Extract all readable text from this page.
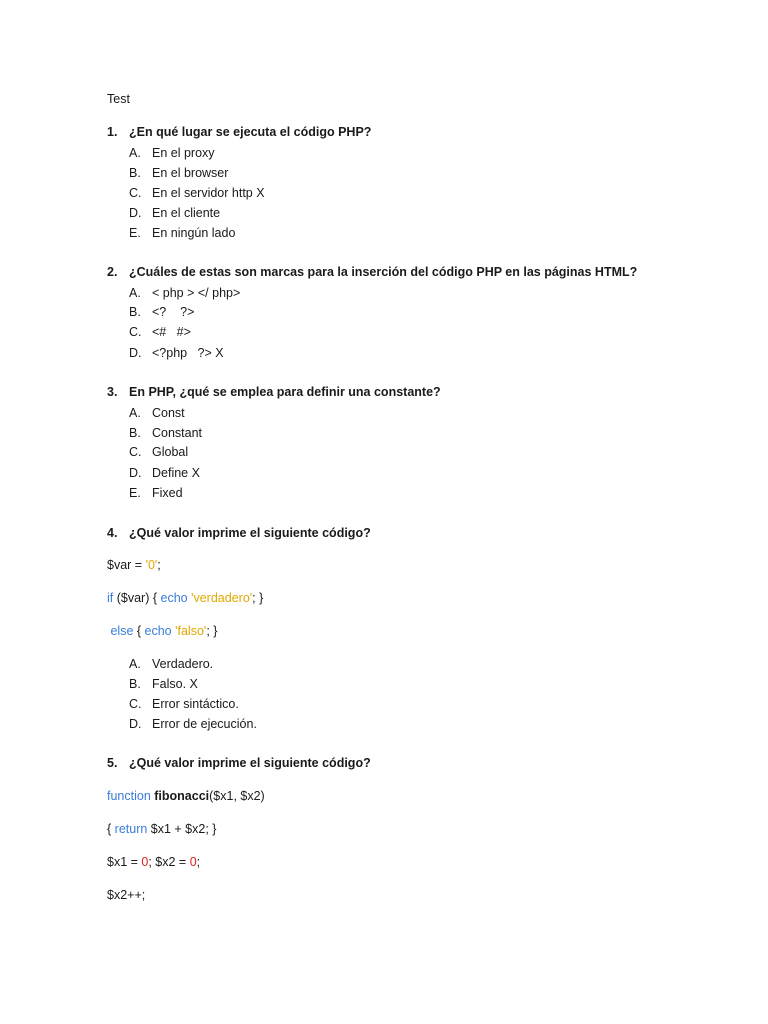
Test
1. ¿En qué lugar se ejecuta el código PHP?
A. En el proxy
B. En el browser
C. En el servidor http X
D. En el cliente
E. En ningún lado
2. ¿Cuáles de estas son marcas para la inserción del código PHP en las páginas HTML?
A. < php > </ php>
B. <?    ?>
C. <#   #>
D. <?php   ?> X
3. En PHP, ¿qué se emplea para definir una constante?
A. Const
B. Constant
C. Global
D. Define X
E. Fixed
4. ¿Qué valor imprime el siguiente código?
$var = '0';
if ($var) { echo 'verdadero'; }
else { echo 'falso'; }
A. Verdadero.
B. Falso. X
C. Error sintáctico.
D. Error de ejecución.
5. ¿Qué valor imprime el siguiente código?
function fibonacci($x1, $x2)
{ return $x1 + $x2; }
$x1 = 0; $x2 = 0;
$x2++;
